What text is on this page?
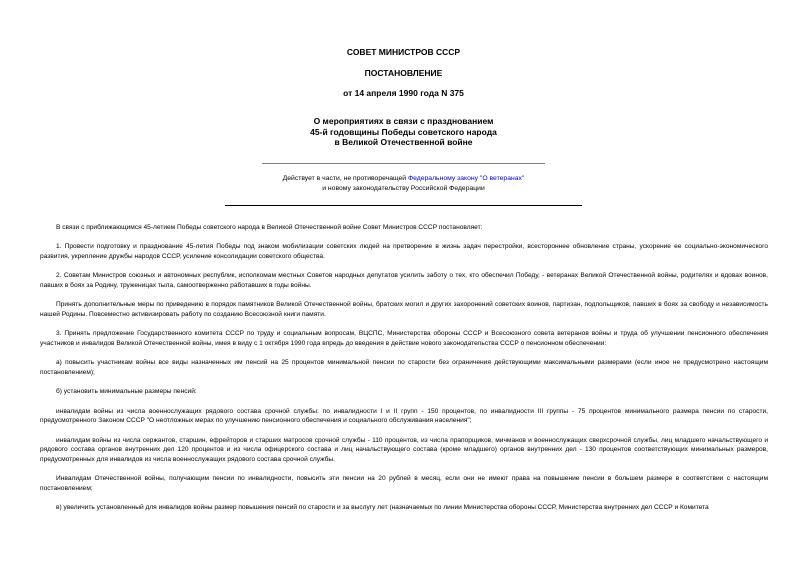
СОВЕТ МИНИСТРОВ СССР
ПОСТАНОВЛЕНИЕ
от 14 апреля 1990 года N 375
О мероприятиях в связи с празднованием
45-й годовщины Победы советского народа
в Великой Отечественной войне
Действует в части, не противоречащей Федеральному закону "О ветеранах"
и новому законодательству Российской Федерации

В связи с приближающимся 45-летием Победы советского народа в Великой Отечественной войне Совет Министров СССР постановляет:

1. Провести подготовку и празднование 45-летия Победы под знаком мобилизации советских людей на претворение в жизнь задач перестройки, всестороннее обновление страны, ускорение ее социально-экономического развития, укрепление дружбы народов СССР, усиление консолидации советского общества.

2. Советам Министров союзных и автономных республик, исполкомам местных Советов народных депутатов усилить заботу о тех, кто обеспечил Победу, - ветеранах Великой Отечественной войны, родителях и вдовах воинов, павших в боях за Родину, труженицах тыла, самоотверженно работавших в годы войны.

Принять дополнительные меры по приведению в порядок памятников Великой Отечественной войны, братских могил и других захоронений советских воинов, партизан, подпольщиков, павших в боях за свободу и независимость нашей Родины. Повсеместно активизировать работу по созданию Всесоюзной книги памяти.

3. Принять предложение Государственного комитета СССР по труду и социальным вопросам, ВЦСПС, Министерства обороны СССР и Всесоюзного совета ветеранов войны и труда об улучшении пенсионного обеспечения участников и инвалидов Великой Отечественной войны, имея в виду с 1 октября 1990 года впредь до введения в действие нового законодательства СССР о пенсионном обеспечении:

а) повысить участникам войны все виды назначенных им пенсий на 25 процентов минимальной пенсии по старости без ограничения действующими максимальными размерами (если иное не предусмотрено настоящим постановлением);

б) установить минимальные размеры пенсий:

инвалидам войны из числа военнослужащих рядового состава срочной службы: по инвалидности I и II групп - 150 процентов, по инвалидности III группы - 75 процентов минимального размера пенсии по старости, предусмотренного Законом СССР "О неотложных мерах по улучшению пенсионного обеспечения и социального обслуживания населения";

инвалидам войны из числа сержантов, старшин, ефрейторов и старших матросов срочной службы - 110 процентов, из числа прапорщиков, мичманов и военнослужащих сверхсрочной службы, лиц младшего начальствующего и рядового состава органов внутренних дел 120 процентов и из числа офицерского состава и лиц начальствующего состава (кроме младшего) органов внутренних дел - 130 процентов соответствующих минимальных размеров, предусмотренных для инвалидов из числа военнослужащих рядового состава срочной службы.

Инвалидам Отечественной войны, получающим пенсии по инвалидности, повысить эти пенсии на 20 рублей в месяц, если они не имеют права на повышение пенсии в большем размере в соответствии с настоящим постановлением;

в) увеличить установленный для инвалидов войны размер повышения пенсий по старости и за выслугу лет (назначаемых по линии Министерства обороны СССР, Министерства внутренних дел СССР и Комитета
